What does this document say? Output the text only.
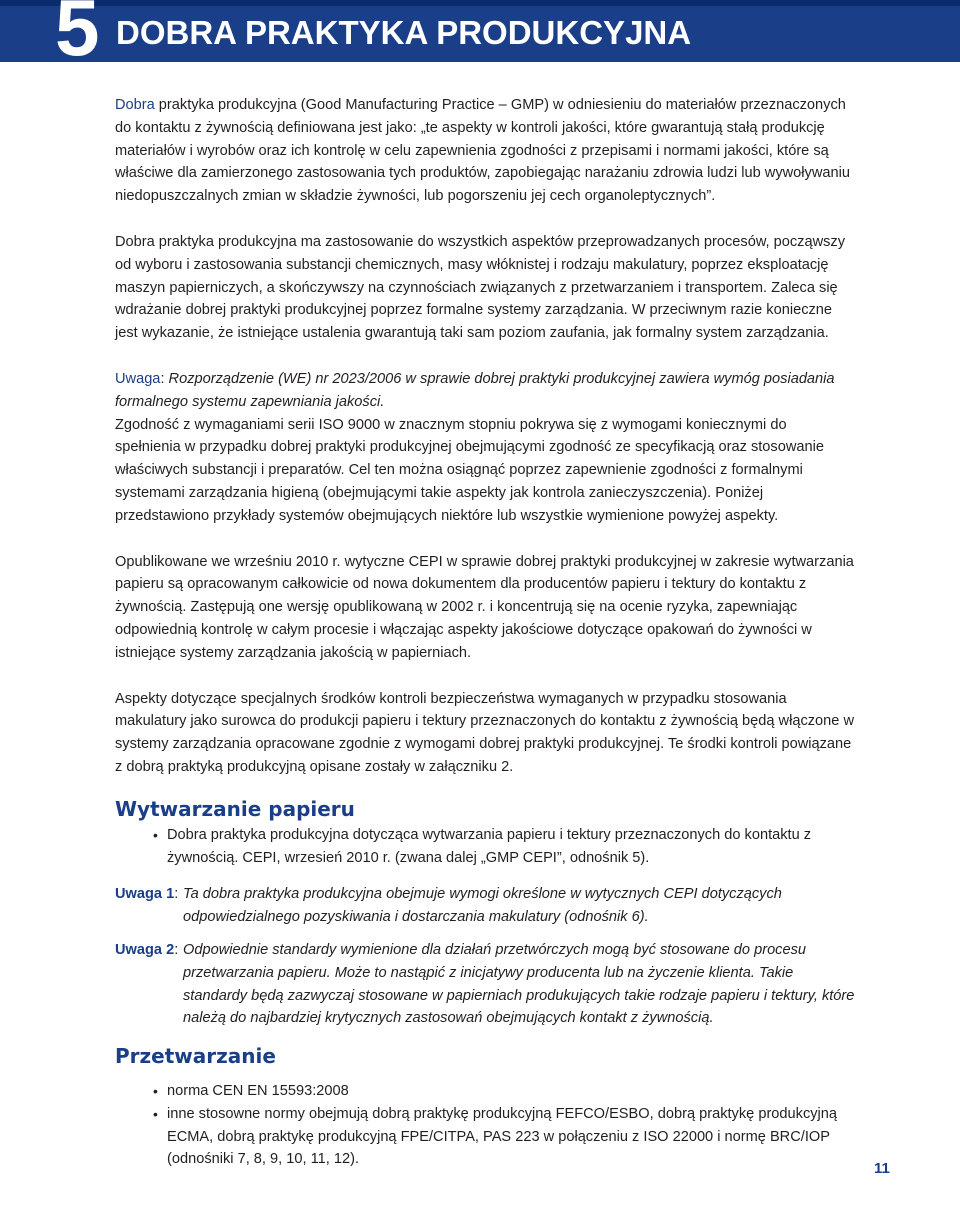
5 DOBRA PRAKTYKA PRODUKCYJNA

Dobra praktyka produkcyjna (Good Manufacturing Practice – GMP) w odniesieniu do materiałów przeznaczonych do kontaktu z żywnością definiowana jest jako: „te aspekty w kontroli jakości, które gwarantują stałą produkcję materiałów i wyrobów oraz ich kontrolę w celu zapewnienia zgodności z przepisami i normami jakości, które są właściwe dla zamierzonego zastosowania tych produktów, zapobiegając narażaniu zdrowia ludzi lub wywoływaniu niedopuszczalnych zmian w składzie żywności, lub pogorszeniu jej cech organoleptycznych”.

Dobra praktyka produkcyjna ma zastosowanie do wszystkich aspektów przeprowadzanych procesów, począwszy od wyboru i zastosowania substancji chemicznych, masy włóknistej i rodzaju makulatury, poprzez eksploatację maszyn papierniczych, a skończywszy na czynnościach związanych z przetwarzaniem i transportem. Zaleca się wdrażanie dobrej praktyki produkcyjnej poprzez formalne systemy zarządzania. W przeciwnym razie konieczne jest wykazanie, że istniejące ustalenia gwarantują taki sam poziom zaufania, jak formalny system zarządzania.

Uwaga: Rozporządzenie (WE) nr 2023/2006 w sprawie dobrej praktyki produkcyjnej zawiera wymóg posiadania formalnego systemu zapewniania jakości.

Zgodność z wymaganiami serii ISO 9000 w znacznym stopniu pokrywa się z wymogami koniecznymi do spełnienia w przypadku dobrej praktyki produkcyjnej obejmującymi zgodność ze specyfikacją oraz stosowanie właściwych substancji i preparatów. Cel ten można osiągnąć poprzez zapewnienie zgodności z formalnymi systemami zarządzania higieną (obejmującymi takie aspekty jak kontrola zanieczyszczenia). Poniżej przedstawiono przykłady systemów obejmujących niektóre lub wszystkie wymienione powyżej aspekty.

Opublikowane we wrześniu 2010 r. wytyczne CEPI w sprawie dobrej praktyki produkcyjnej w zakresie wytwarzania papieru są opracowanym całkowicie od nowa dokumentem dla producentów papieru i tektury do kontaktu z żywnością. Zastępują one wersję opublikowaną w 2002 r. i koncentrują się na ocenie ryzyka, zapewniając odpowiednią kontrolę w całym procesie i włączając aspekty jakościowe dotyczące opakowań do żywności w istniejące systemy zarządzania jakością w papierniach.

Aspekty dotyczące specjalnych środków kontroli bezpieczeństwa wymaganych w przypadku stosowania makulatury jako surowca do produkcji papieru i tektury przeznaczonych do kontaktu z żywnością będą włączone w systemy zarządzania opracowane zgodnie z wymogami dobrej praktyki produkcyjnej. Te środki kontroli powiązane z dobrą praktyką produkcyjną opisane zostały w załączniku 2.

Wytwarzanie papieru
• Dobra praktyka produkcyjna dotycząca wytwarzania papieru i tektury przeznaczonych do kontaktu z żywnością. CEPI, wrzesień 2010 r. (zwana dalej „GMP CEPI”, odnośnik 5).
Uwaga 1: Ta dobra praktyka produkcyjna obejmuje wymogi określone w wytycznych CEPI dotyczących odpowiedzialnego pozyskiwania i dostarczania makulatury (odnośnik 6).
Uwaga 2: Odpowiednie standardy wymienione dla działań przetwórczych mogą być stosowane do procesu przetwarzania papieru. Może to nastąpić z inicjatywy producenta lub na życzenie klienta. Takie standardy będą zazwyczaj stosowane w papierniach produkujących takie rodzaje papieru i tektury, które należą do najbardziej krytycznych zastosowań obejmujących kontakt z żywnością.
Przetwarzanie
• norma CEN EN 15593:2008
• inne stosowne normy obejmują dobrą praktykę produkcyjną FEFCO/ESBO, dobrą praktykę produkcyjną ECMA, dobrą praktykę produkcyjną FPE/CITPA, PAS 223 w połączeniu z ISO 22000 i normę BRC/IOP (odnośniki 7, 8, 9, 10, 11, 12).
11
